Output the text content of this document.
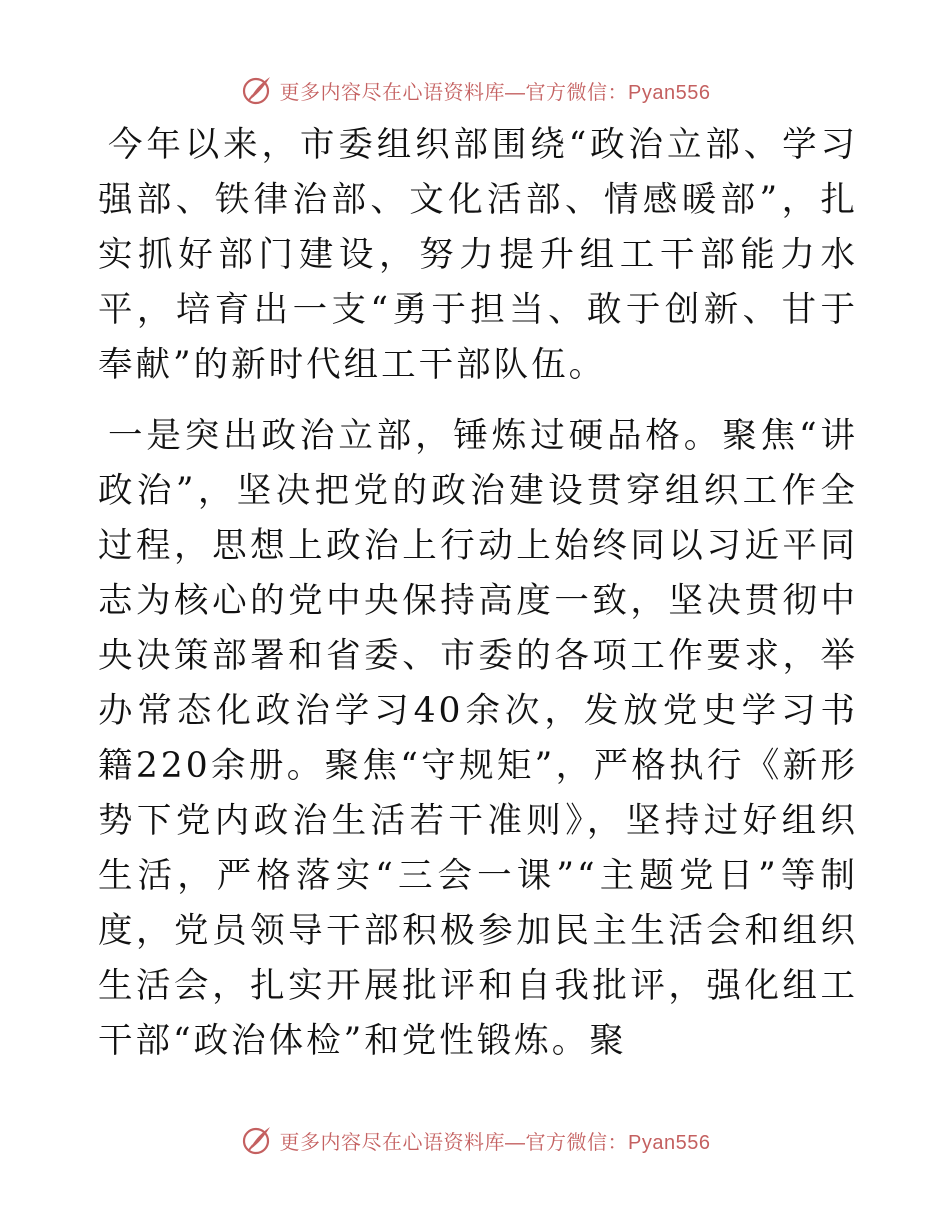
更多内容尽在心语资料库—官方微信：Pyan556

今年以来，市委组织部围绕“政治立部、学习强部、铁律治部、文化活部、情感暖部”，扎实抓好部门建设，努力提升组工干部能力水平，培育出一支“勇于担当、敢于创新、甘于奉献”的新时代组工干部队伍。

一是突出政治立部，锤炼过硬品格。聚焦“讲政治”，坚决把党的政治建设贯穿组织工作全过程，思想上政治上行动上始终同以习近平同志为核心的党中央保持高度一致，坚决贯彻中央决策部署和省委、市委的各项工作要求，举办常态化政治学习40余次，发放党史学习书籍220余册。聚焦“守规矩”，严格执行《新形势下党内政治生活若干准则》，坚持过好组织生活，严格落实“三会一课”“主题党日”等制度，党员领导干部积极参加民主生活会和组织生活会，扎实开展批评和自我批评，强化组工干部“政治体检”和党性锻炼。聚

更多内容尽在心语资料库—官方微信：Pyan556
